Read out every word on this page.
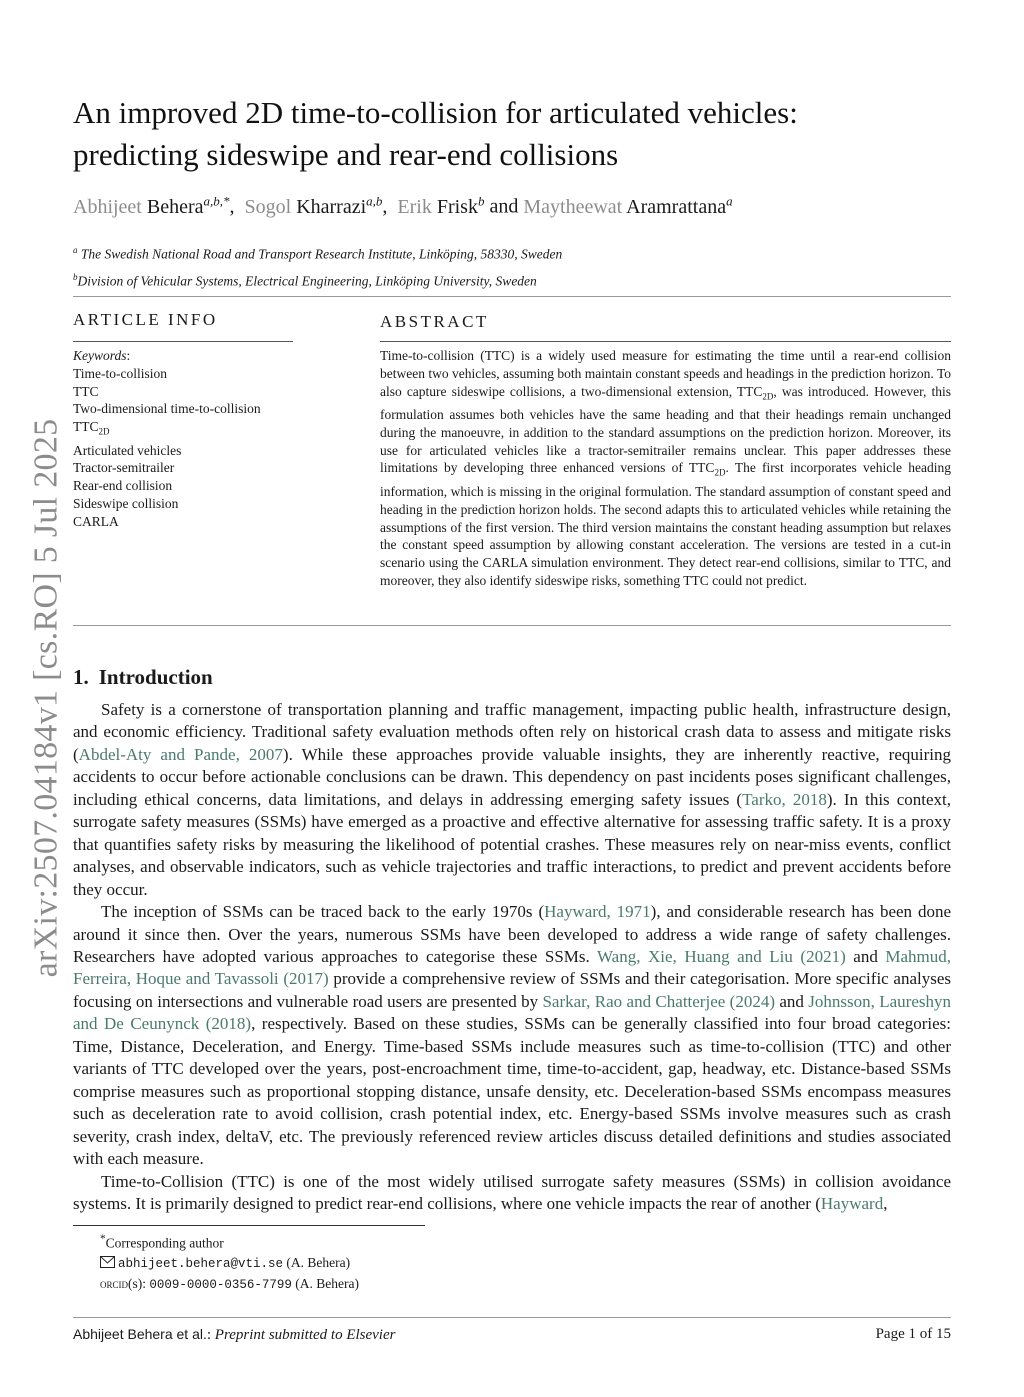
arXiv:2507.04184v1 [cs.RO] 5 Jul 2025
An improved 2D time-to-collision for articulated vehicles:
predicting sideswipe and rear-end collisions
Abhijeet Behera$^{a,b,*}$,  Sogol Kharrazi$^{a,b}$,  Erik Frisk$^b$ and Maytheewat Aramrattana$^a$
$^a$ The Swedish National Road and Transport Research Institute, Linköping, 58330, Sweden
$^b$Division of Vehicular Systems, Electrical Engineering, Linköping University, Sweden
ARTICLE INFO	ABSTRACT
Keywords:
Time-to-collision
TTC
Two-dimensional time-to-collision
$TTC_{2D}$
Articulated vehicles
Tractor-semitrailer
Rear-end collision
Sideswipe collision
CARLA
Time-to-collision (TTC) is a widely used measure for estimating the time until a rear-end collision between two vehicles, assuming both maintain constant speeds and headings in the prediction horizon. To also capture sideswipe collisions, a two-dimensional extension, $TTC_{2D}$, was introduced. However, this formulation assumes both vehicles have the same heading and that their headings remain unchanged during the manoeuvre, in addition to the standard assumptions on the prediction horizon. Moreover, its use for articulated vehicles like a tractor-semitrailer remains unclear. This paper addresses these limitations by developing three enhanced versions of $TTC_{2D}$. The first incorporates vehicle heading information, which is missing in the original formulation. The standard assumption of constant speed and heading in the prediction horizon holds. The second adapts this to articulated vehicles while retaining the assumptions of the first version. The third version maintains the constant heading assumption but relaxes the constant speed assumption by allowing constant acceleration. The versions are tested in a cut-in scenario using the CARLA simulation environment. They detect rear-end collisions, similar to TTC, and moreover, they also identify sideswipe risks, something TTC could not predict.
1. Introduction

Safety is a cornerstone of transportation planning and traffic management, impacting public health, infrastructure design, and economic efficiency. Traditional safety evaluation methods often rely on historical crash data to assess and mitigate risks (Abdel-Aty and Pande, 2007). While these approaches provide valuable insights, they are inherently reactive, requiring accidents to occur before actionable conclusions can be drawn. This dependency on past incidents poses significant challenges, including ethical concerns, data limitations, and delays in addressing emerging safety issues (Tarko, 2018). In this context, surrogate safety measures (SSMs) have emerged as a proactive and effective alternative for assessing traffic safety. It is a proxy that quantifies safety risks by measuring the likelihood of potential crashes. These measures rely on near-miss events, conflict analyses, and observable indicators, such as vehicle trajectories and traffic interactions, to predict and prevent accidents before they occur.

The inception of SSMs can be traced back to the early 1970s (Hayward, 1971), and considerable research has been done around it since then. Over the years, numerous SSMs have been developed to address a wide range of safety challenges. Researchers have adopted various approaches to categorise these SSMs. Wang, Xie, Huang and Liu (2021) and Mahmud, Ferreira, Hoque and Tavassoli (2017) provide a comprehensive review of SSMs and their categorisation. More specific analyses focusing on intersections and vulnerable road users are presented by Sarkar, Rao and Chatterjee (2024) and Johnsson, Laureshyn and De Ceunynck (2018), respectively. Based on these studies, SSMs can be generally classified into four broad categories: Time, Distance, Deceleration, and Energy. Time-based SSMs include measures such as time-to-collision (TTC) and other variants of TTC developed over the years, post-encroachment time, time-to-accident, gap, headway, etc. Distance-based SSMs comprise measures such as proportional stopping distance, unsafe density, etc. Deceleration-based SSMs encompass measures such as deceleration rate to avoid collision, crash potential index, etc. Energy-based SSMs involve measures such as crash severity, crash index, deltaV, etc. The previously referenced review articles discuss detailed definitions and studies associated with each measure.

Time-to-Collision (TTC) is one of the most widely utilised surrogate safety measures (SSMs) in collision avoidance systems. It is primarily designed to predict rear-end collisions, where one vehicle impacts the rear of another (Hayward,

*Corresponding author
abhijeet.behera@vti.se (A. Behera)
orcid(s): 0009-0000-0356-7799 (A. Behera)
Abhijeet Behera et al.: Preprint submitted to Elsevier	Page 1 of 15
